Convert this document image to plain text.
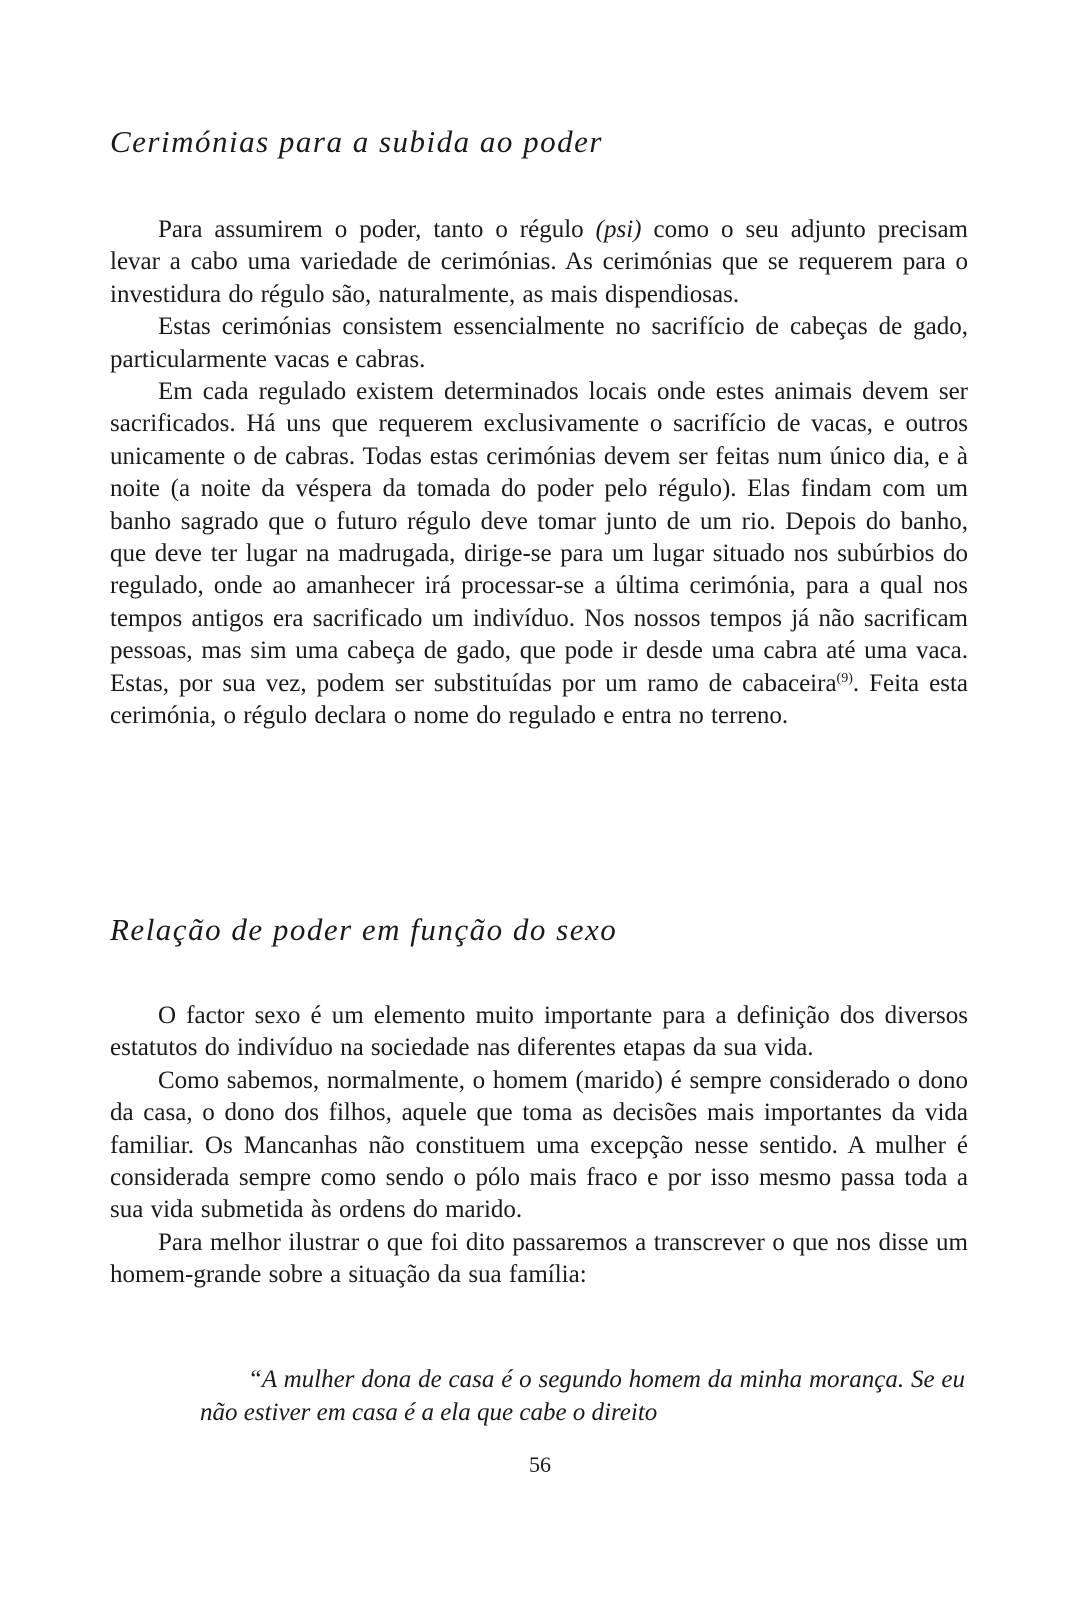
Cerimónias para a subida ao poder

Para assumirem o poder, tanto o régulo (psi) como o seu adjunto precisam levar a cabo uma variedade de cerimónias. As cerimónias que se requerem para o investidura do régulo são, naturalmente, as mais dispendiosas.

Estas cerimónias consistem essencialmente no sacrifício de cabeças de gado, particularmente vacas e cabras.

Em cada regulado existem determinados locais onde estes animais devem ser sacrificados. Há uns que requerem exclusivamente o sacrifício de vacas, e outros unicamente o de cabras. Todas estas cerimónias devem ser feitas num único dia, e à noite (a noite da véspera da tomada do poder pelo régulo). Elas findam com um banho sagrado que o futuro régulo deve tomar junto de um rio. Depois do banho, que deve ter lugar na madrugada, dirige-se para um lugar situado nos subúrbios do regulado, onde ao amanhecer irá processar-se a última cerimónia, para a qual nos tempos antigos era sacrificado um indivíduo. Nos nossos tempos já não sacrificam pessoas, mas sim uma cabeça de gado, que pode ir desde uma cabra até uma vaca. Estas, por sua vez, podem ser substituídas por um ramo de cabaceira$^{(9)}$. Feita esta cerimónia, o régulo declara o nome do regulado e entra no terreno.

Relação de poder em função do sexo

O factor sexo é um elemento muito importante para a definição dos diversos estatutos do indivíduo na sociedade nas diferentes etapas da sua vida.

Como sabemos, normalmente, o homem (marido) é sempre considerado o dono da casa, o dono dos filhos, aquele que toma as decisões mais importantes da vida familiar. Os Mancanhas não constituem uma excepção nesse sentido. A mulher é considerada sempre como sendo o pólo mais fraco e por isso mesmo passa toda a sua vida submetida às ordens do marido.

Para melhor ilustrar o que foi dito passaremos a transcrever o que nos disse um homem-grande sobre a situação da sua família:

“A mulher dona de casa é o segundo homem da minha morança. Se eu não estiver em casa é a ela que cabe o direito

56
